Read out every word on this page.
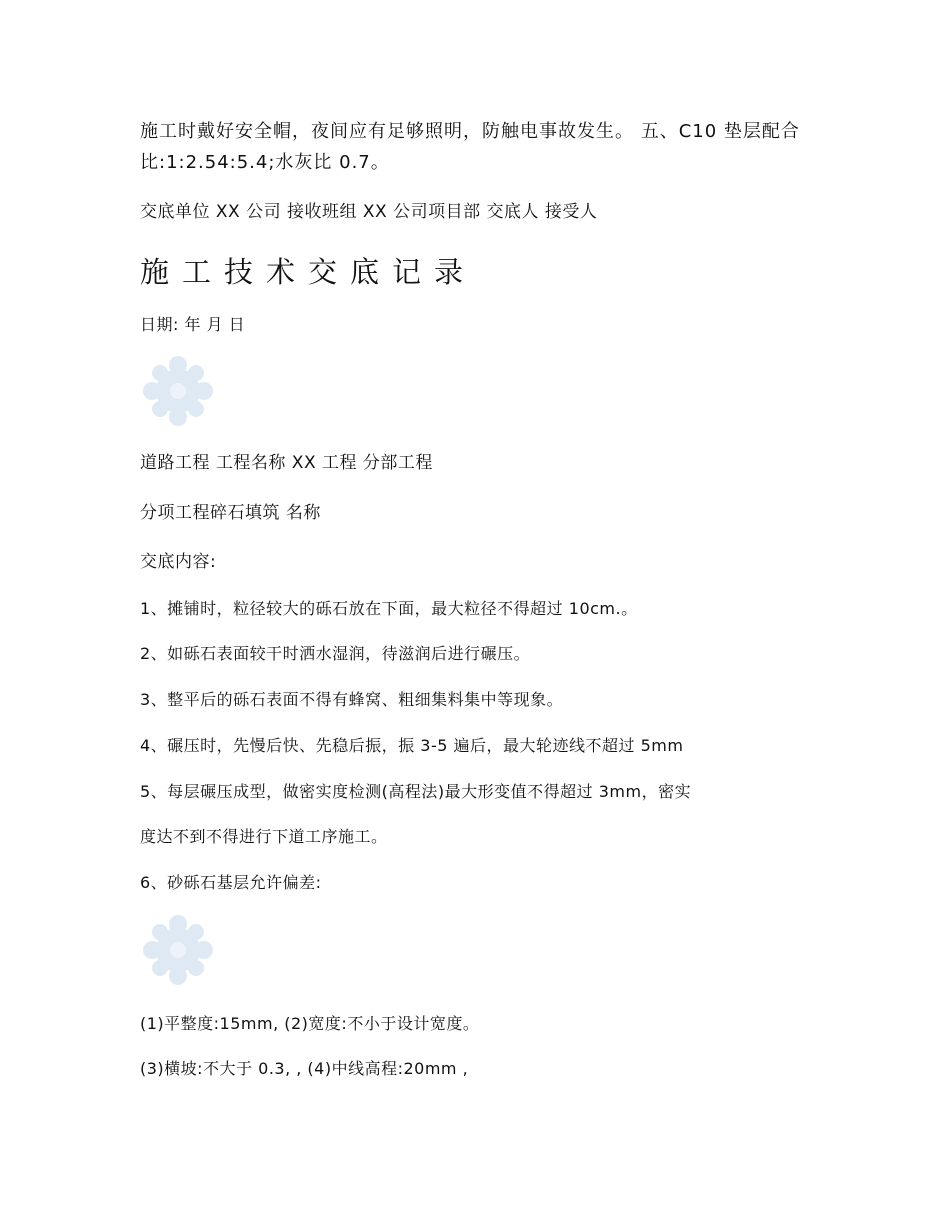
施工时戴好安全帽，夜间应有足够照明，防触电事故发生。 五、C10 垫层配合比:1:2.54:5.4;水灰比 0.7。
交底单位 XX 公司 接收班组 XX 公司项目部 交底人 接受人
施工技术交底记录
日期: 年 月 日
道路工程 工程名称 XX 工程 分部工程
分项工程碎石填筑 名称
交底内容:
1、摊铺时，粒径较大的砾石放在下面，最大粒径不得超过 10cm.。
2、如砾石表面较干时洒水湿润，待滋润后进行碾压。
3、整平后的砾石表面不得有蜂窝、粗细集料集中等现象。
4、碾压时，先慢后快、先稳后振，振 3-5 遍后，最大轮迹线不超过 5mm
5、每层碾压成型，做密实度检测(高程法)最大形变值不得超过 3mm，密实
度达不到不得进行下道工序施工。
6、砂砾石基层允许偏差:
(1)平整度:15mm, (2)宽度:不小于设计宽度。
(3)横坡:不大于 0.3, , (4)中线高程:20mm ,
